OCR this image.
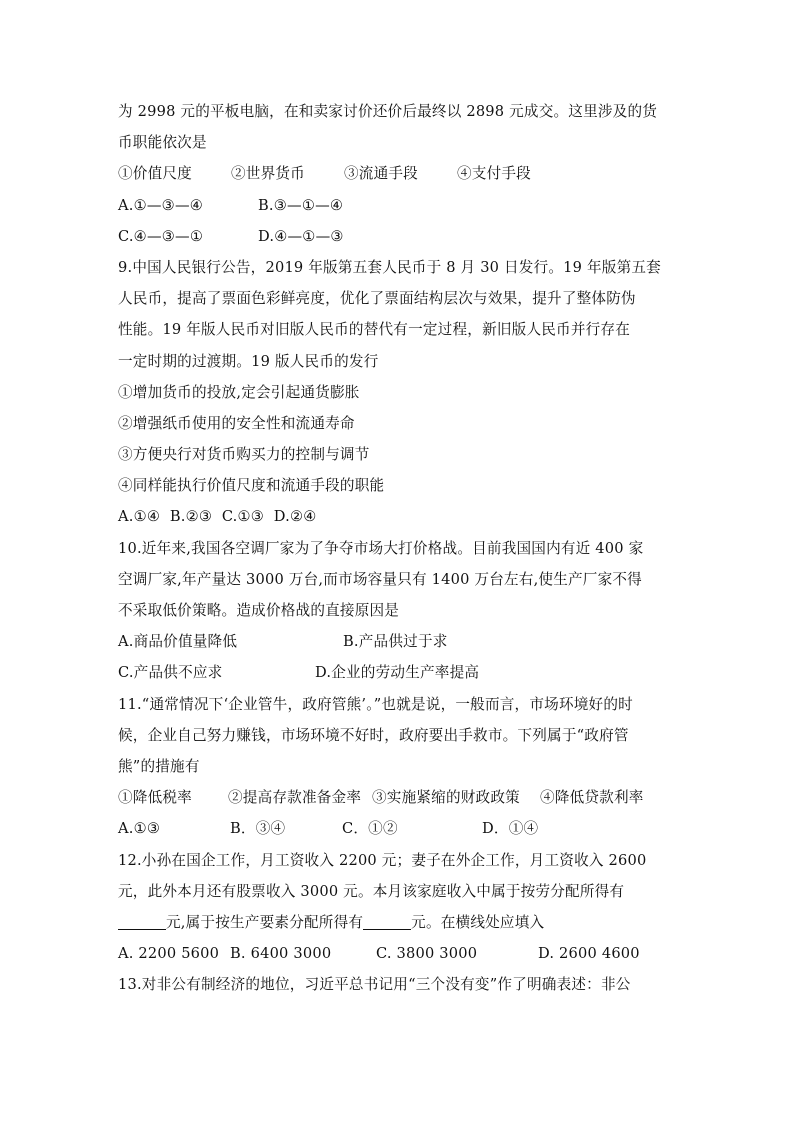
为 2998 元的平板电脑，在和卖家讨价还价后最终以 2898 元成交。这里涉及的货
币职能依次是
①价值尺度	②世界货币	③流通手段	④支付手段
A.①—③—④	B.③—①—④
C.④—③—①	D.④—①—③
9.中国人民银行公告，2019 年版第五套人民币于 8 月 30 日发行。19 年版第五套
人民币，提高了票面色彩鲜亮度，优化了票面结构层次与效果，提升了整体防伪
性能。19 年版人民币对旧版人民币的替代有一定过程，新旧版人民币并行存在
一定时期的过渡期。19 版人民币的发行
①增加货币的投放,定会引起通货膨胀
②增强纸币使用的安全性和流通寿命
③方便央行对货币购买力的控制与调节
④同样能执行价值尺度和流通手段的职能
A.①④  B.②③  C.①③  D.②④
10.近年来,我国各空调厂家为了争夺市场大打价格战。目前我国国内有近 400 家
空调厂家,年产量达 3000 万台,而市场容量只有 1400 万台左右,使生产厂家不得
不采取低价策略。造成价格战的直接原因是
A.商品价值量降低	B.产品供过于求
C.产品供不应求	D.企业的劳动生产率提高
11.“通常情况下‘企业管牛，政府管熊’。”也就是说，一般而言，市场环境好的时
候，企业自己努力赚钱，市场环境不好时，政府要出手救市。下列属于“政府管
熊”的措施有
①降低税率	②提高存款准备金率 ③实施紧缩的财政政策	④降低贷款利率
A.①③	B．③④	C．①②	D．①④
12.小孙在国企工作，月工资收入 2200 元；妻子在外企工作，月工资收入 2600
元，此外本月还有股票收入 3000 元。本月该家庭收入中属于按劳分配所得有
元,属于按生产要素分配所得有	元。在横线处应填入
A. 2200 5600 B. 6400 3000	C. 3800 3000	D. 2600 4600
13.对非公有制经济的地位，习近平总书记用“三个没有变”作了明确表述：非公
